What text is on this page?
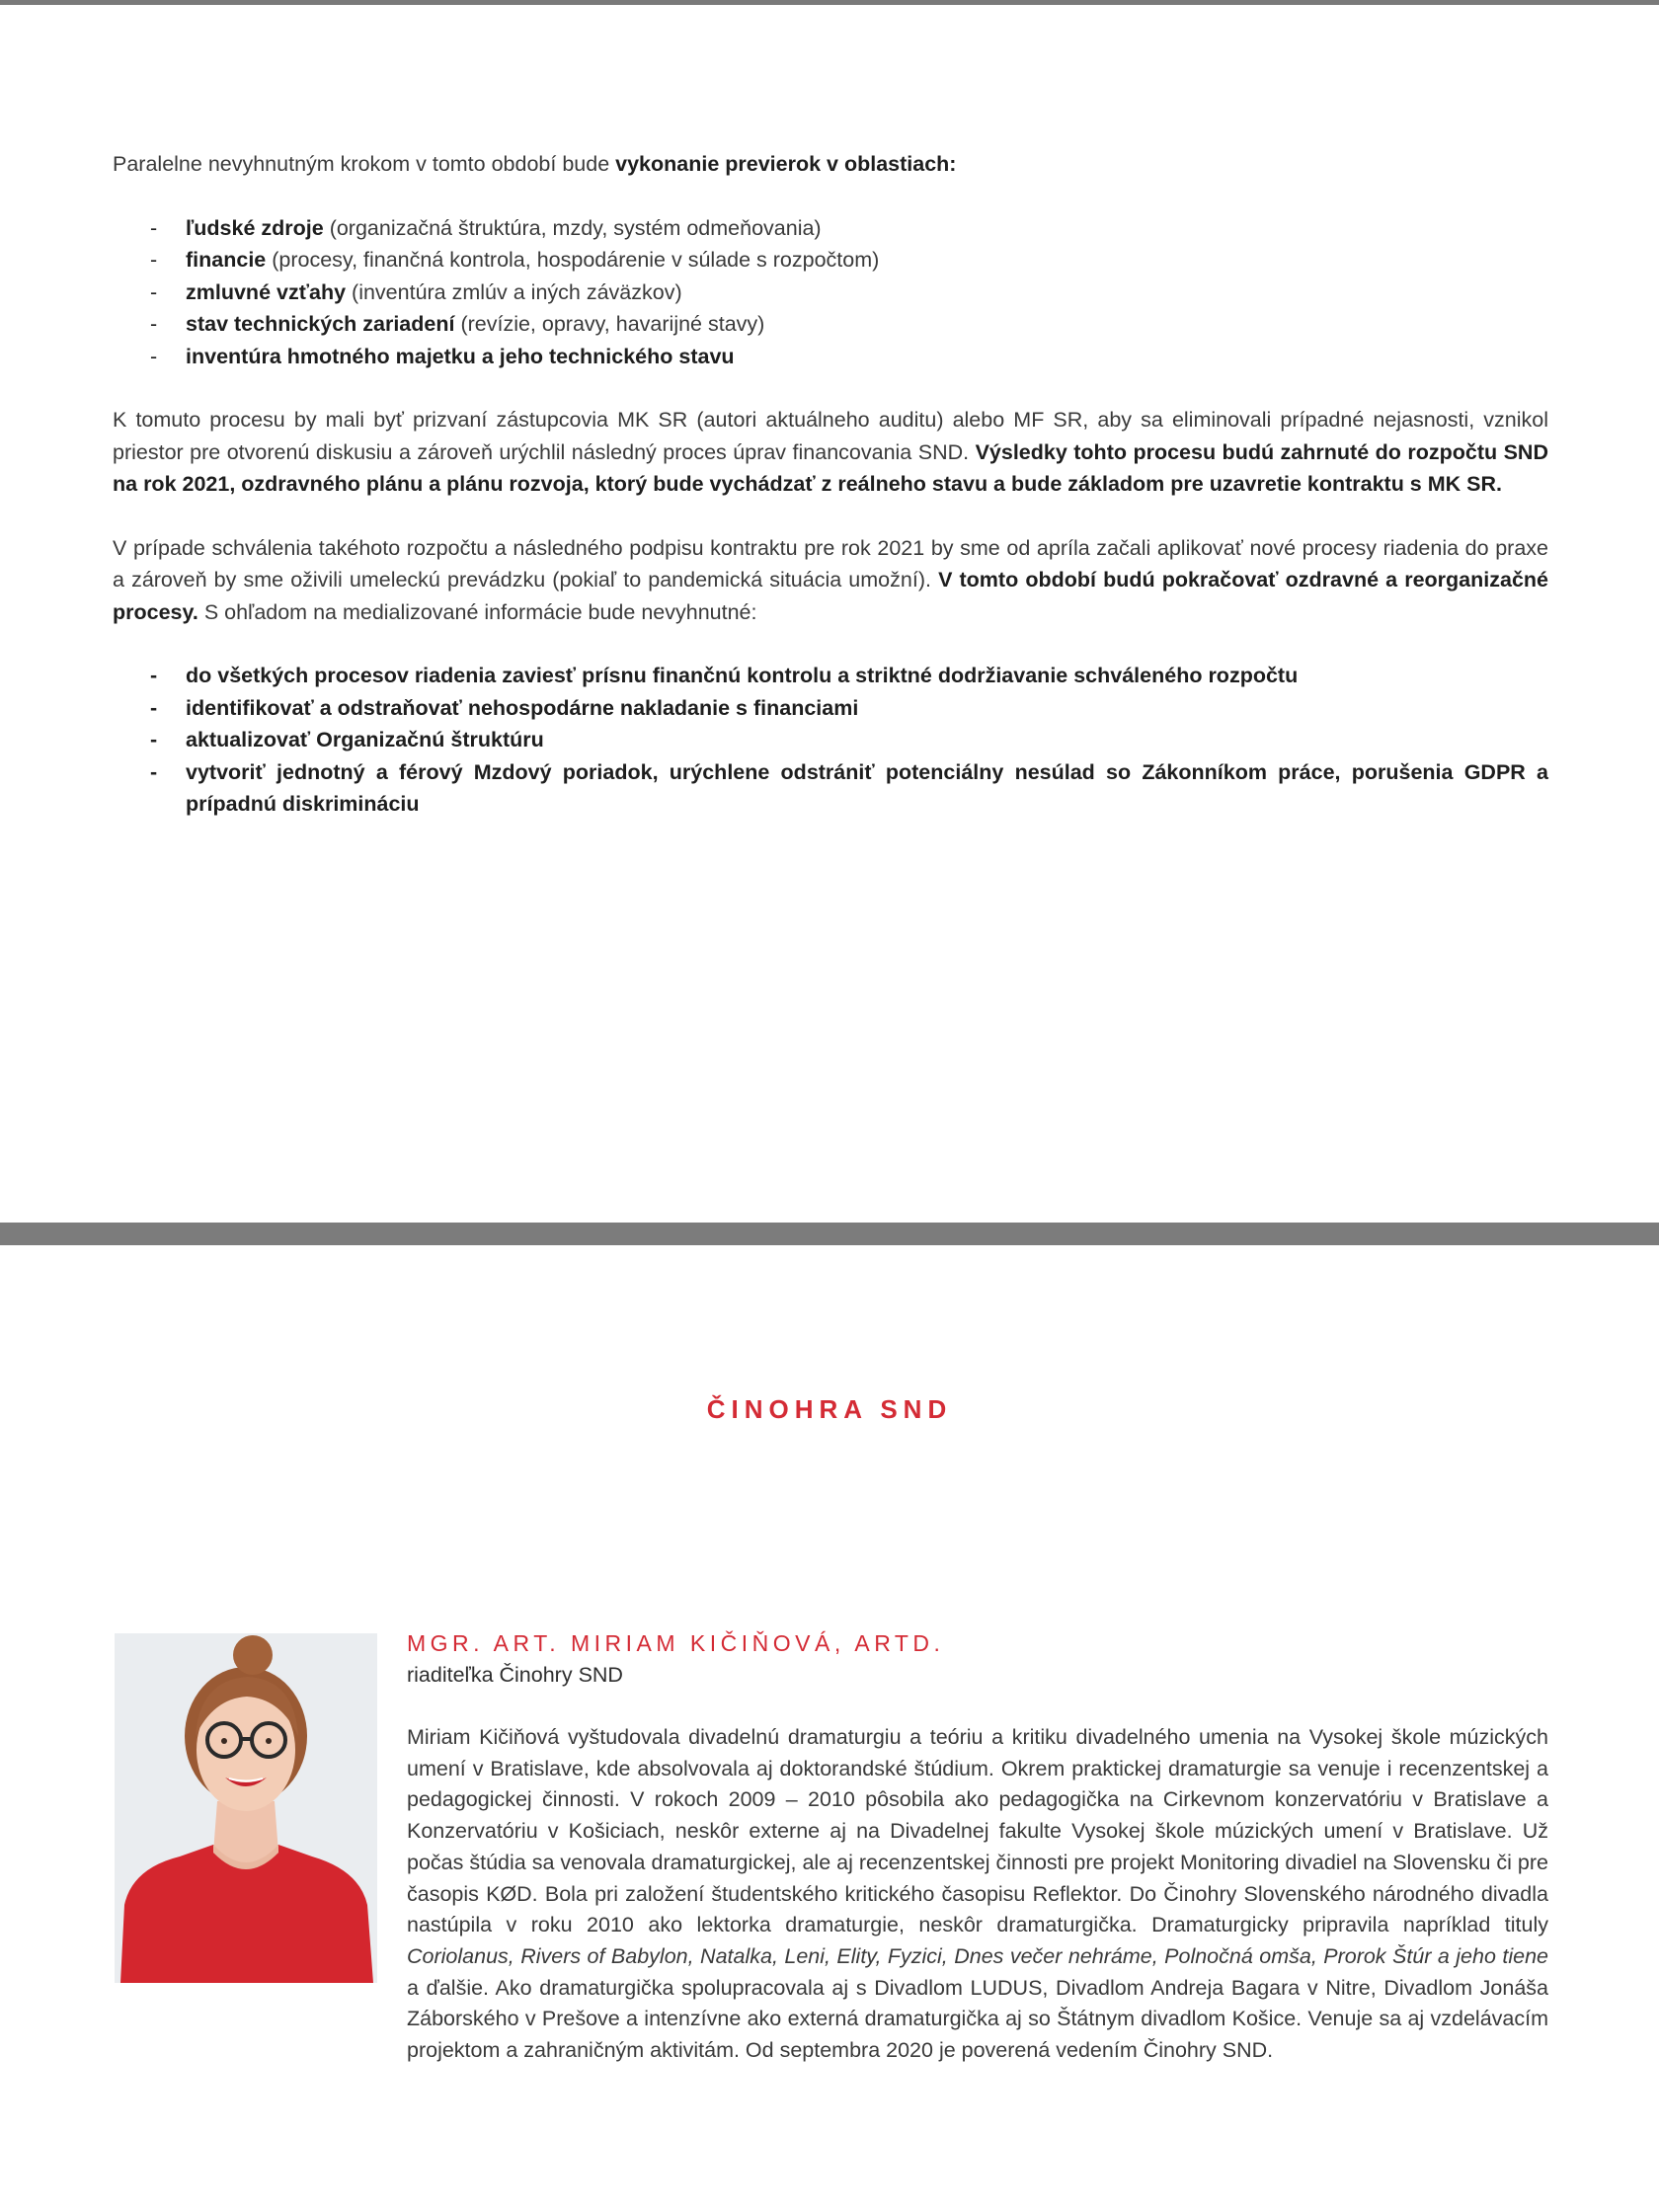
Paralelne nevyhnutným krokom v tomto období bude vykonanie previerok v oblastiach:

- ľudské zdroje (organizačná štruktúra, mzdy, systém odmeňovania)
- financie (procesy, finančná kontrola, hospodárenie v súlade s rozpočtom)
- zmluvné vzťahy (inventúra zmlúv a iných záväzkov)
- stav technických zariadení (revízie, opravy, havarijné stavy)
- inventúra hmotného majetku a jeho technického stavu

K tomuto procesu by mali byť prizvaní zástupcovia MK SR (autori aktuálneho auditu) alebo MF SR, aby sa eliminovali prípadné nejasnosti, vznikol priestor pre otvorenú diskusiu a zároveň urýchlil následný proces úprav financovania SND. Výsledky tohto procesu budú zahrnuté do rozpočtu SND na rok 2021, ozdravného plánu a plánu rozvoja, ktorý bude vychádzať z reálneho stavu a bude základom pre uzavretie kontraktu s MK SR.

V prípade schválenia takéhoto rozpočtu a následného podpisu kontraktu pre rok 2021 by sme od apríla začali aplikovať nové procesy riadenia do praxe a zároveň by sme oživili umeleckú prevádzku (pokiaľ to pandemická situácia umožní). V tomto období budú pokračovať ozdravné a reorganizačné procesy. S ohľadom na medializované informácie bude nevyhnutné:

- do všetkých procesov riadenia zaviesť prísnu finančnú kontrolu a striktné dodržiavanie schváleného rozpočtu
- identifikovať a odstraňovať nehospodárne nakladanie s financiami
- aktualizovať Organizačnú štruktúru
- vytvoriť jednotný a férový Mzdový poriadok, urýchlene odstrániť potenciálny nesúlad so Zákonníkom práce, porušenia GDPR a prípadnú diskrimináciu
ČINOHRA SND

MGR. ART. MIRIAM KIČIŇOVÁ, ARTD.

riaditeľka Činohry SND

Miriam Kičiňová vyštudovala divadelnú dramaturgiu a teóriu a kritiku divadelného umenia na Vysokej škole múzických umení v Bratislave, kde absolvovala aj doktorandské štúdium. Okrem praktickej dramaturgie sa venuje i recenzentskej a pedagogickej činnosti. V rokoch 2009 – 2010 pôsobila ako pedagogička na Cirkevnom konzervatóriu v Bratislave a Konzervatóriu v Košiciach, neskôr externe aj na Divadelnej fakulte Vysokej škole múzických umení v Bratislave. Už počas štúdia sa venovala dramaturgickej, ale aj recenzentskej činnosti pre projekt Monitoring divadiel na Slovensku či pre časopis KØD. Bola pri založení študentského kritického časopisu Reflektor. Do Činohry Slovenského národného divadla nastúpila v roku 2010 ako lektorka dramaturgie, neskôr dramaturgička. Dramaturgicky pripravila napríklad tituly Coriolanus, Rivers of Babylon, Natalka, Leni, Elity, Fyzici, Dnes večer nehráme, Polnočná omša, Prorok Štúr a jeho tiene a ďalšie. Ako dramaturgička spolupracovala aj s Divadlom LUDUS, Divadlom Andreja Bagara v Nitre, Divadlom Jonáša Záborského v Prešove a intenzívne ako externá dramaturgička aj so Štátnym divadlom Košice. Venuje sa aj vzdelávacím projektom a zahraničným aktivitám. Od septembra 2020 je poverená vedením Činohry SND.
